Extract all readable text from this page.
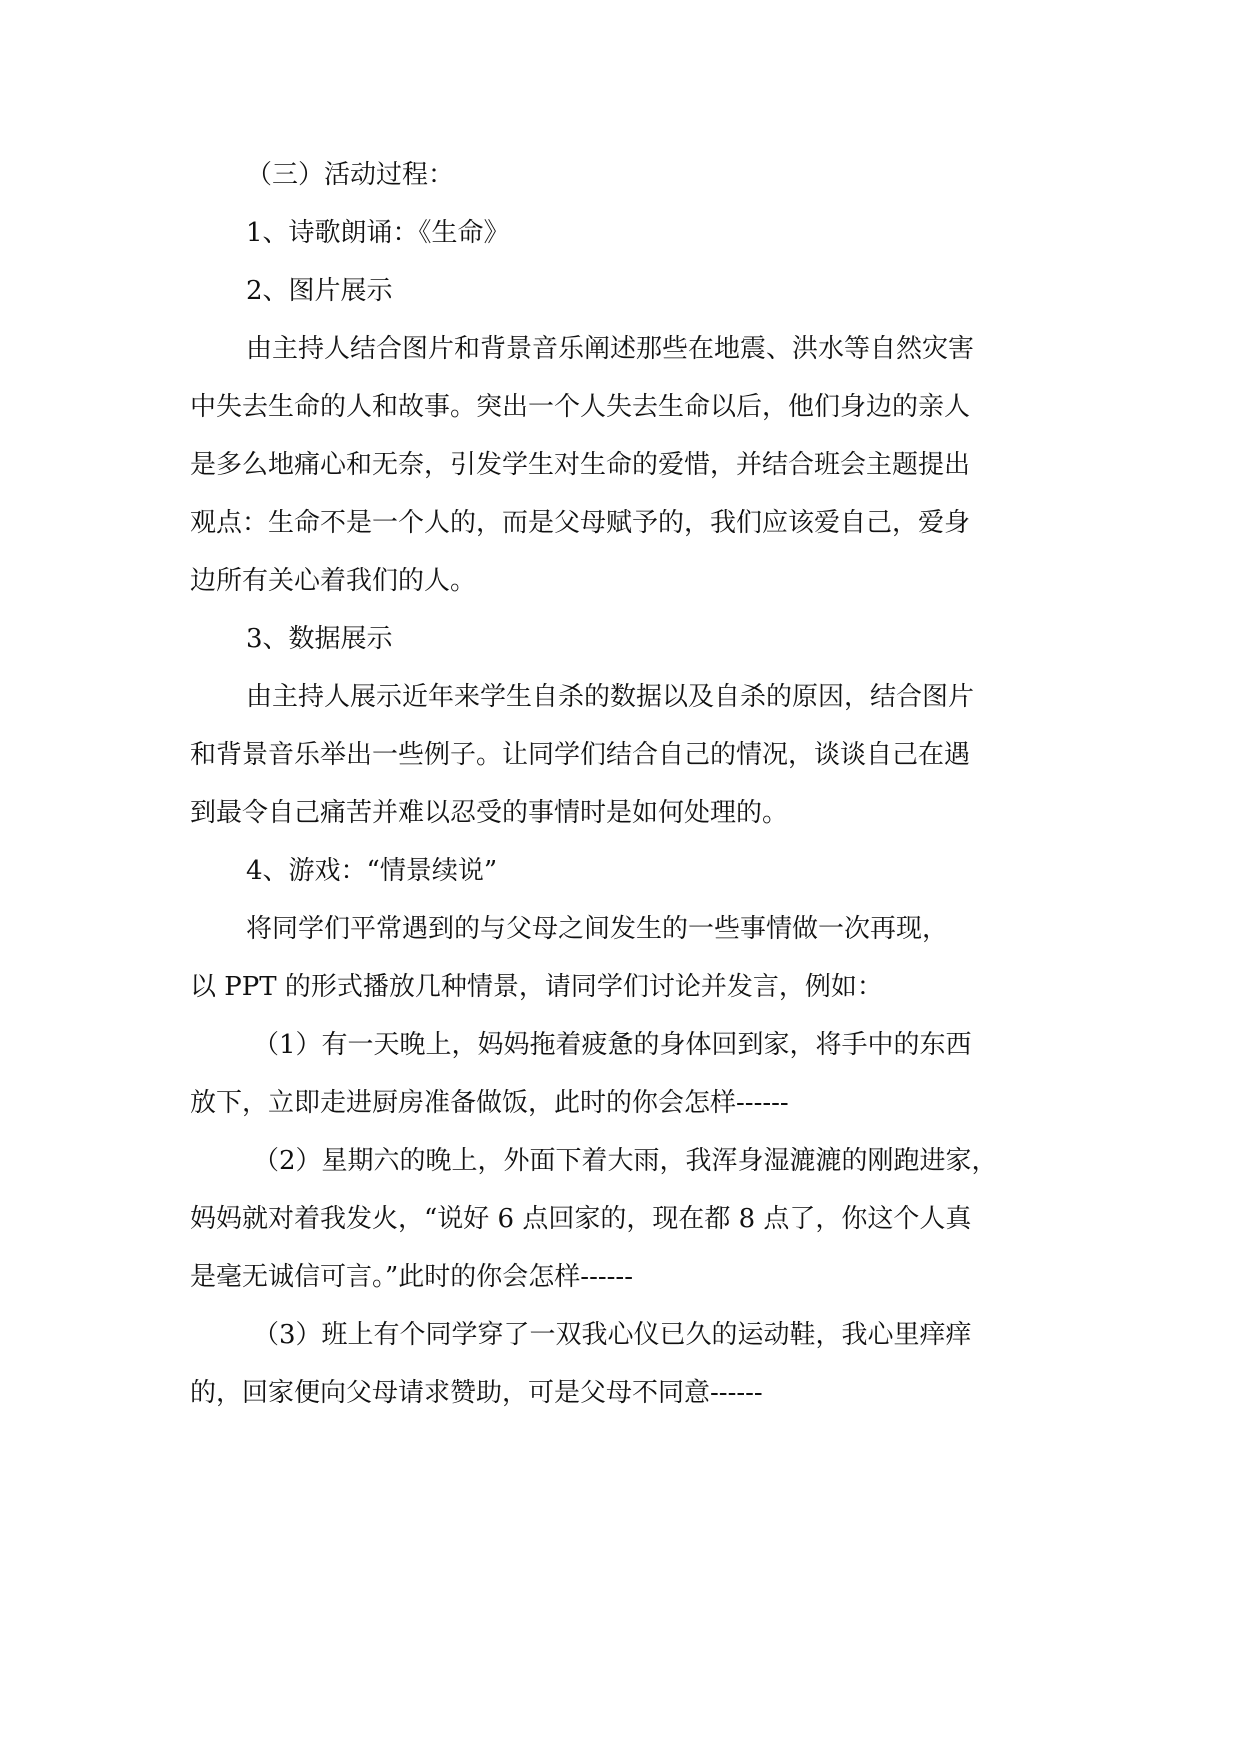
（三）活动过程：
1、诗歌朗诵：《生命》
2、图片展示
由主持人结合图片和背景音乐阐述那些在地震、洪水等自然灾害
中失去生命的人和故事。突出一个人失去生命以后，他们身边的亲人
是多么地痛心和无奈，引发学生对生命的爱惜，并结合班会主题提出
观点：生命不是一个人的，而是父母赋予的，我们应该爱自己，爱身
边所有关心着我们的人。
3、数据展示
由主持人展示近年来学生自杀的数据以及自杀的原因，结合图片
和背景音乐举出一些例子。让同学们结合自己的情况，谈谈自己在遇
到最令自己痛苦并难以忍受的事情时是如何处理的。
4、游戏：“情景续说”
将同学们平常遇到的与父母之间发生的一些事情做一次再现，
以 PPT 的形式播放几种情景，请同学们讨论并发言，例如：
（1）有一天晚上，妈妈拖着疲惫的身体回到家，将手中的东西
放下，立即走进厨房准备做饭，此时的你会怎样------
（2）星期六的晚上，外面下着大雨，我浑身湿漉漉的刚跑进家，
妈妈就对着我发火，“说好 6 点回家的，现在都 8 点了，你这个人真
是毫无诚信可言。”此时的你会怎样------
（3）班上有个同学穿了一双我心仪已久的运动鞋，我心里痒痒
的，回家便向父母请求赞助，可是父母不同意------
